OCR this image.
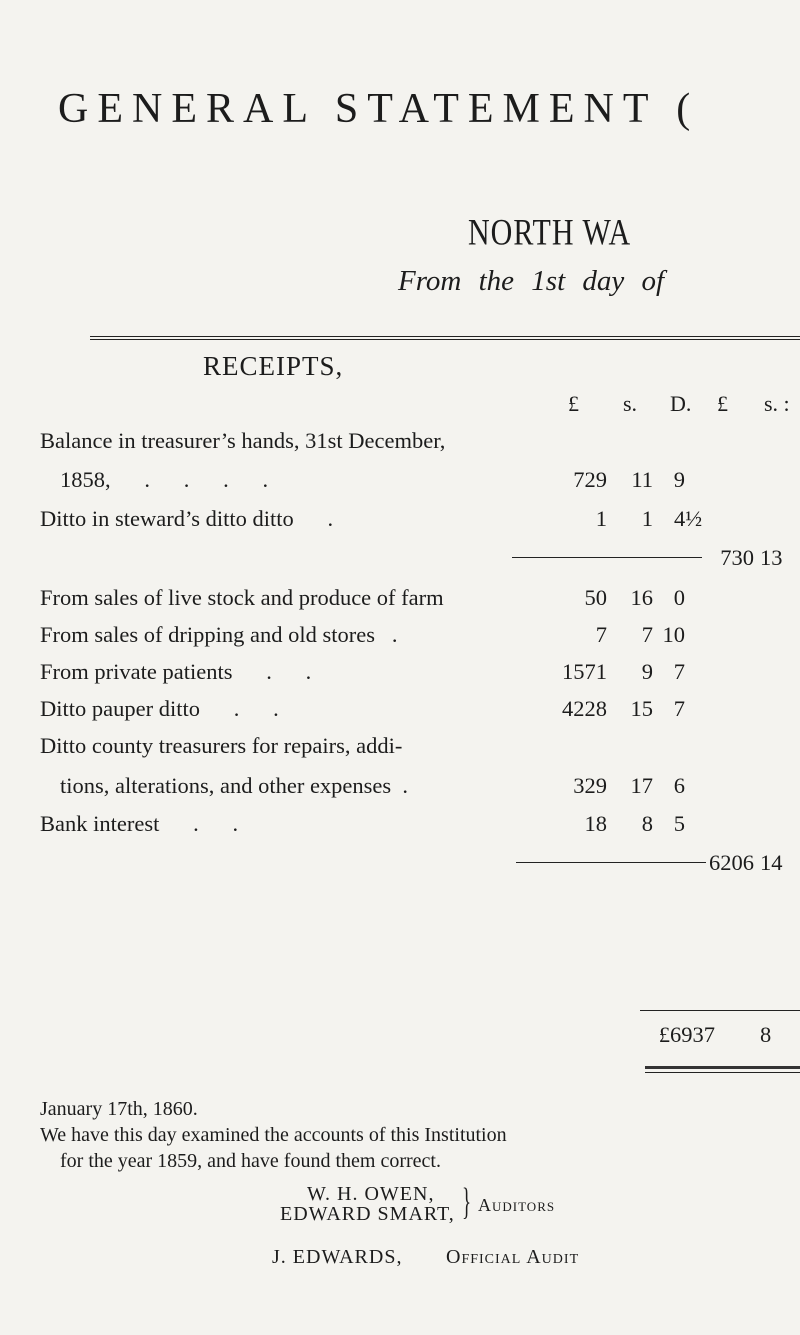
GENERAL STATEMENT (
NORTH WA
From the 1st day of
RECEIPTS,
£ s. D. £ s. :
Balance in treasurer’s hands, 31st December,
1858,      .      .      .      .	729 11 9
Ditto in steward’s ditto ditto      .	1 1 4½
730 13
From sales of live stock and produce of farm	50 16 0
From sales of dripping and old stores   .	7 7 10
From private patients      .      .	1571 9 7
Ditto pauper ditto      .      .	4228 15 7
Ditto county treasurers for repairs, addi-
tions, alterations, and other expenses  .	329 17 6
Bank interest      .      .	18 8 5
6206 14
£6937 8
January 17th, 1860.
We have this day examined the accounts of this Institution
for the year 1859, and have found them correct.
W. H. OWEN,
EDWARD SMART, } Auditors
J. EDWARDS, Official Audit
